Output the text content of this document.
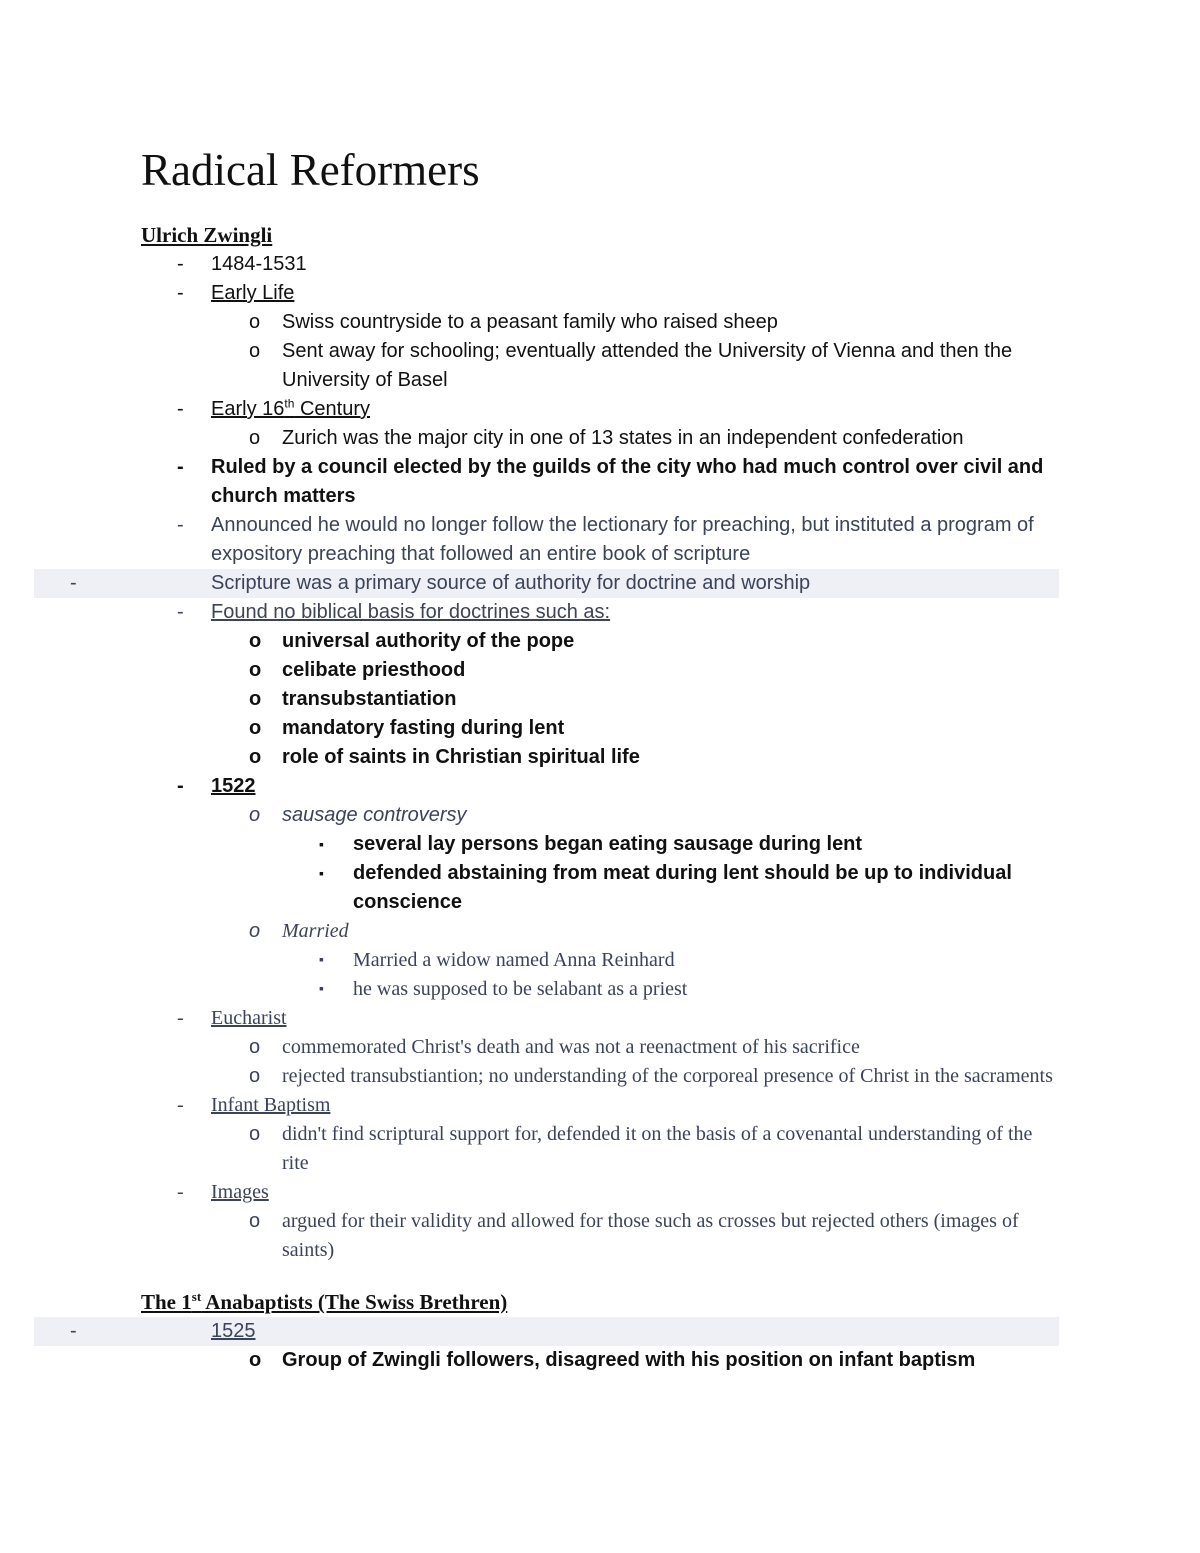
Radical Reformers
Ulrich Zwingli
- 1484-1531
- Early Life
o Swiss countryside to a peasant family who raised sheep
o Sent away for schooling; eventually attended the University of Vienna and then the University of Basel
- Early 16th Century
o Zurich was the major city in one of 13 states in an independent confederation
- Ruled by a council elected by the guilds of the city who had much control over civil and church matters
- Announced he would no longer follow the lectionary for preaching, but instituted a program of expository preaching that followed an entire book of scripture
-	Scripture was a primary source of authority for doctrine and worship
- Found no biblical basis for doctrines such as:
o universal authority of the pope
o celibate priesthood
o transubstantiation
o mandatory fasting during lent
o role of saints in Christian spiritual life
- 1522
o sausage controversy
▪ several lay persons began eating sausage during lent
▪ defended abstaining from meat during lent should be up to individual conscience
o Married
▪ Married a widow named Anna Reinhard
▪ he was supposed to be selabant as a priest
- Eucharist
o commemorated Christ's death and was not a reenactment of his sacrifice
o rejected transubstiantion; no understanding of the corporeal presence of Christ in the sacraments
- Infant Baptism
o didn't find scriptural support for, defended it on the basis of a covenantal understanding of the rite
- Images
o argued for their validity and allowed for those such as crosses but rejected others (images of saints)
The 1st Anabaptists (The Swiss Brethren)
-	1525
o Group of Zwingli followers, disagreed with his position on infant baptism
